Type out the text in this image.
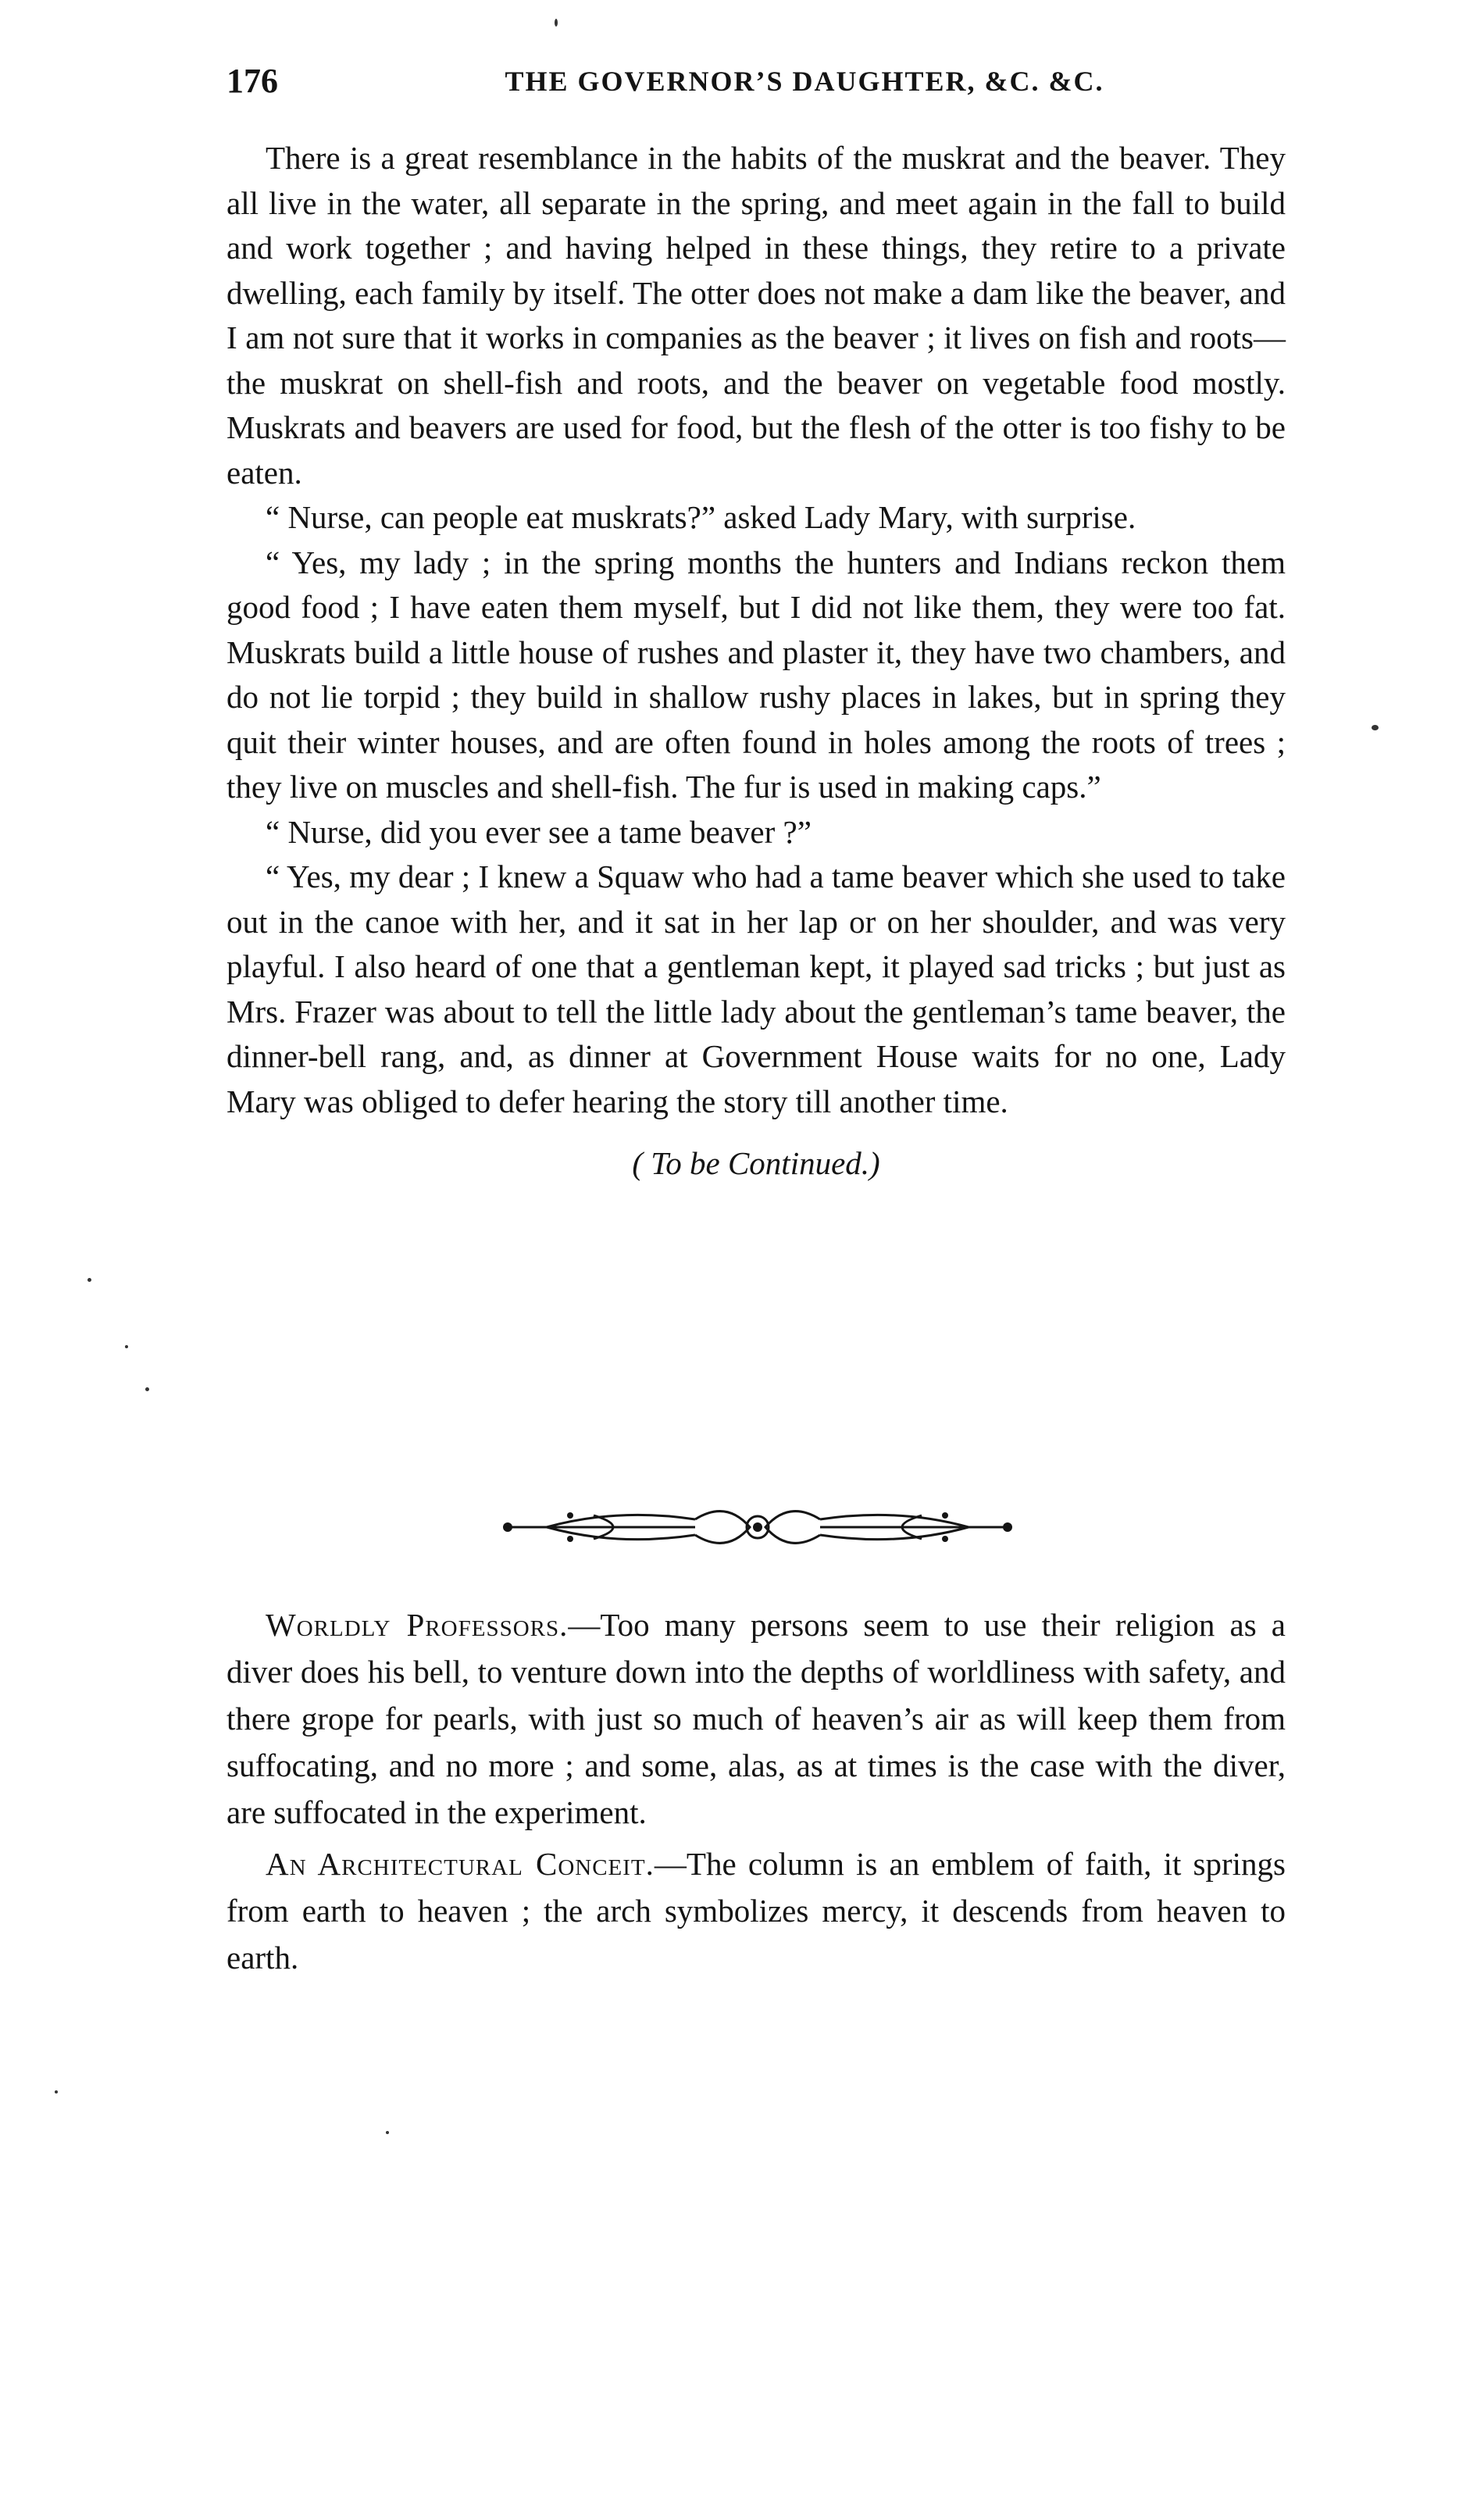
176	THE GOVERNOR’S DAUGHTER, &C. &C.

There is a great resemblance in the habits of the muskrat and the beaver. They all live in the water, all separate in the spring, and meet again in the fall to build and work together ; and having helped in these things, they retire to a private dwelling, each family by itself. The otter does not make a dam like the beaver, and I am not sure that it works in companies as the beaver ; it lives on fish and roots—the muskrat on shell-fish and roots, and the beaver on vegetable food mostly. Muskrats and beavers are used for food, but the flesh of the otter is too fishy to be eaten.

“ Nurse, can people eat muskrats?” asked Lady Mary, with surprise.

“ Yes, my lady ; in the spring months the hunters and Indians reckon them good food ; I have eaten them myself, but I did not like them, they were too fat. Muskrats build a little house of rushes and plaster it, they have two chambers, and do not lie torpid ; they build in shallow rushy places in lakes, but in spring they quit their winter houses, and are often found in holes among the roots of trees ; they live on muscles and shell-fish. The fur is used in making caps.”

“ Nurse, did you ever see a tame beaver ?”

“ Yes, my dear ; I knew a Squaw who had a tame beaver which she used to take out in the canoe with her, and it sat in her lap or on her shoulder, and was very playful. I also heard of one that a gentleman kept, it played sad tricks ; but just as Mrs. Frazer was about to tell the little lady about the gentleman’s tame beaver, the dinner-bell rang, and, as dinner at Government House waits for no one, Lady Mary was obliged to defer hearing the story till another time.

( To be Continued.)

Worldly Professors.—Too many persons seem to use their religion as a diver does his bell, to venture down into the depths of worldliness with safety, and there grope for pearls, with just so much of heaven’s air as will keep them from suffocating, and no more ; and some, alas, as at times is the case with the diver, are suffocated in the experiment.

An Architectural Conceit.—The column is an emblem of faith, it springs from earth to heaven ; the arch symbolizes mercy, it descends from heaven to earth.
